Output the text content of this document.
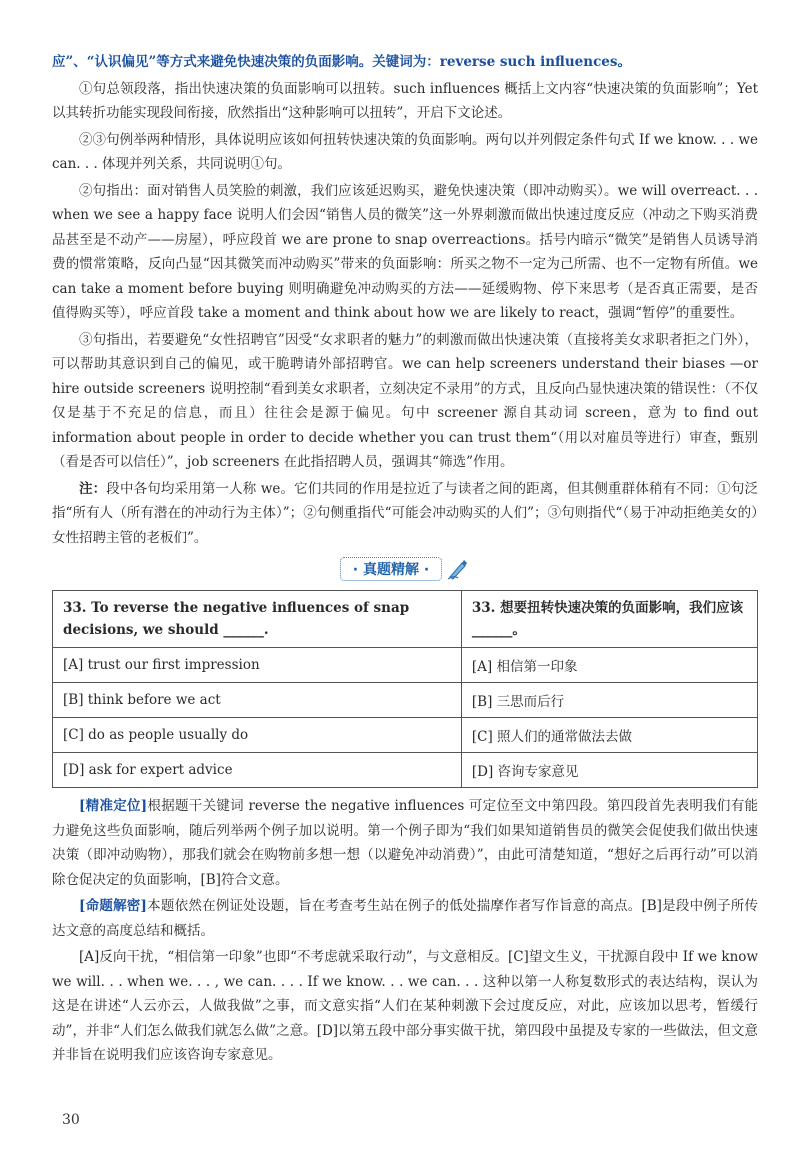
应”、“认识偏见”等方式来避免快速决策的负面影响。关键词为：reverse such influences。

①句总领段落，指出快速决策的负面影响可以扭转。such influences 概括上文内容“快速决策的负面影响”；Yet 以其转折功能实现段间衔接，欣然指出“这种影响可以扭转”，开启下文论述。

②③句例举两种情形，具体说明应该如何扭转快速决策的负面影响。两句以并列假定条件句式 If we know. . . we can. . . 体现并列关系，共同说明①句。

②句指出：面对销售人员笑脸的刺激，我们应该延迟购买，避免快速决策（即冲动购买）。we will overreact. . . when we see a happy face 说明人们会因“销售人员的微笑”这一外界刺激而做出快速过度反应（冲动之下购买消费品甚至是不动产——房屋），呼应段首 we are prone to snap overreactions。括号内暗示“微笑”是销售人员诱导消费的惯常策略，反向凸显“因其微笑而冲动购买”带来的负面影响：所买之物不一定为己所需、也不一定物有所值。we can take a moment before buying 则明确避免冲动购买的方法——延缓购物、停下来思考（是否真正需要，是否值得购买等），呼应首段 take a moment and think about how we are likely to react，强调“暂停”的重要性。

③句指出，若要避免“女性招聘官”因受“女求职者的魅力”的刺激而做出快速决策（直接将美女求职者拒之门外），可以帮助其意识到自己的偏见，或干脆聘请外部招聘官。we can help screeners understand their biases —or hire outside screeners 说明控制“看到美女求职者，立刻决定不录用”的方式，且反向凸显快速决策的错误性：（不仅仅是基于不充足的信息，而且）往往会是源于偏见。句中 screener 源自其动词 screen，意为 to find out information about people in order to decide whether you can trust them“（用以对雇员等进行）审查，甄别（看是否可以信任）”，job screeners 在此指招聘人员，强调其“筛选”作用。

注：段中各句均采用第一人称 we。它们共同的作用是拉近了与读者之间的距离，但其侧重群体稍有不同：①句泛指“所有人（所有潜在的冲动行为主体）”；②句侧重指代“可能会冲动购买的人们”；③句则指代“（易于冲动拒绝美女的）女性招聘主管的老板们”。

· 真题精解 ·
33. To reverse the negative influences of snap decisions, we should ______.	33. 想要扭转快速决策的负面影响，我们应该______。
[A] trust our first impression	[A] 相信第一印象
[B] think before we act	[B] 三思而后行
[C] do as people usually do	[C] 照人们的通常做法去做
[D] ask for expert advice	[D] 咨询专家意见

[精准定位]根据题干关键词 reverse the negative influences 可定位至文中第四段。第四段首先表明我们有能力避免这些负面影响，随后列举两个例子加以说明。第一个例子即为“我们如果知道销售员的微笑会促使我们做出快速决策（即冲动购物），那我们就会在购物前多想一想（以避免冲动消费）”，由此可清楚知道，“想好之后再行动”可以消除仓促决定的负面影响，[B]符合文意。

[命题解密]本题依然在例证处设题，旨在考查考生站在例子的低处揣摩作者写作旨意的高点。[B]是段中例子所传达文意的高度总结和概括。

[A]反向干扰，“相信第一印象”也即“不考虑就采取行动”，与文意相反。[C]望文生义，干扰源自段中 If we know we will. . . when we. . . , we can. . . . If we know. . . we can. . . 这种以第一人称复数形式的表达结构，误认为这是在讲述“人云亦云，人做我做”之事，而文意实指“人们在某种刺激下会过度反应，对此，应该加以思考，暂缓行动”，并非“人们怎么做我们就怎么做”之意。[D]以第五段中部分事实做干扰，第四段中虽提及专家的一些做法，但文意并非旨在说明我们应该咨询专家意见。

30
